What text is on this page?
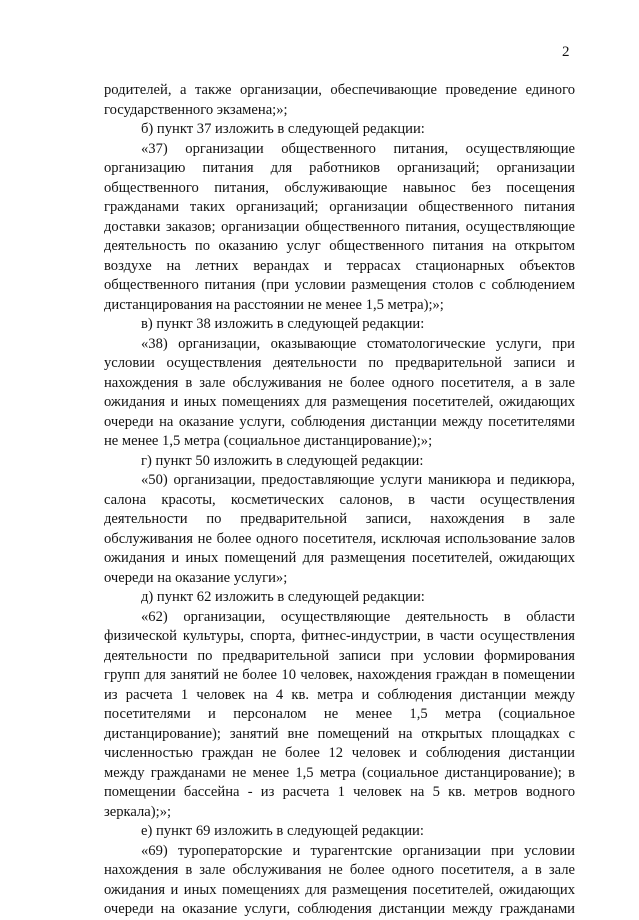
2

родителей, а также организации, обеспечивающие проведение единого государственного экзамена;»;

б) пункт 37 изложить в следующей редакции:

«37) организации общественного питания, осуществляющие организацию питания для работников организаций; организации общественного питания, обслуживающие навынос без посещения гражданами таких организаций; организации общественного питания доставки заказов; организации общественного питания, осуществляющие деятельность по оказанию услуг общественного питания на открытом воздухе на летних верандах и террасах стационарных объектов общественного питания (при условии размещения столов с соблюдением дистанцирования на расстоянии не менее 1,5 метра);»;

в) пункт 38 изложить в следующей редакции:

«38) организации, оказывающие стоматологические услуги, при условии осуществления деятельности по предварительной записи и нахождения в зале обслуживания не более одного посетителя, а в зале ожидания и иных помещениях для размещения посетителей, ожидающих очереди на оказание услуги, соблюдения дистанции между посетителями не менее 1,5 метра (социальное дистанцирование);»;

г) пункт 50 изложить в следующей редакции:

«50) организации, предоставляющие услуги маникюра и педикюра, салона красоты, косметических салонов, в части осуществления деятельности по предварительной записи, нахождения в зале обслуживания не более одного посетителя, исключая использование залов ожидания и иных помещений для размещения посетителей, ожидающих очереди на оказание услуги»;

д) пункт 62 изложить в следующей редакции:

«62) организации, осуществляющие деятельность в области физической культуры, спорта, фитнес-индустрии, в части осуществления деятельности по предварительной записи при условии формирования групп для занятий не более 10 человек, нахождения граждан в помещении из расчета 1 человек на 4 кв. метра и соблюдения дистанции между посетителями и персоналом не менее 1,5 метра (социальное дистанцирование); занятий вне помещений на открытых площадках с численностью граждан не более 12 человек и соблюдения дистанции между гражданами не менее 1,5 метра (социальное дистанцирование); в помещении бассейна - из расчета 1 человек на 5 кв. метров водного зеркала);»;

е) пункт 69 изложить в следующей редакции:

«69) туроператорские и турагентские организации при условии нахождения в зале обслуживания не более одного посетителя, а в зале ожидания и иных помещениях для размещения посетителей, ожидающих очереди на оказание услуги, соблюдения дистанции между гражданами
